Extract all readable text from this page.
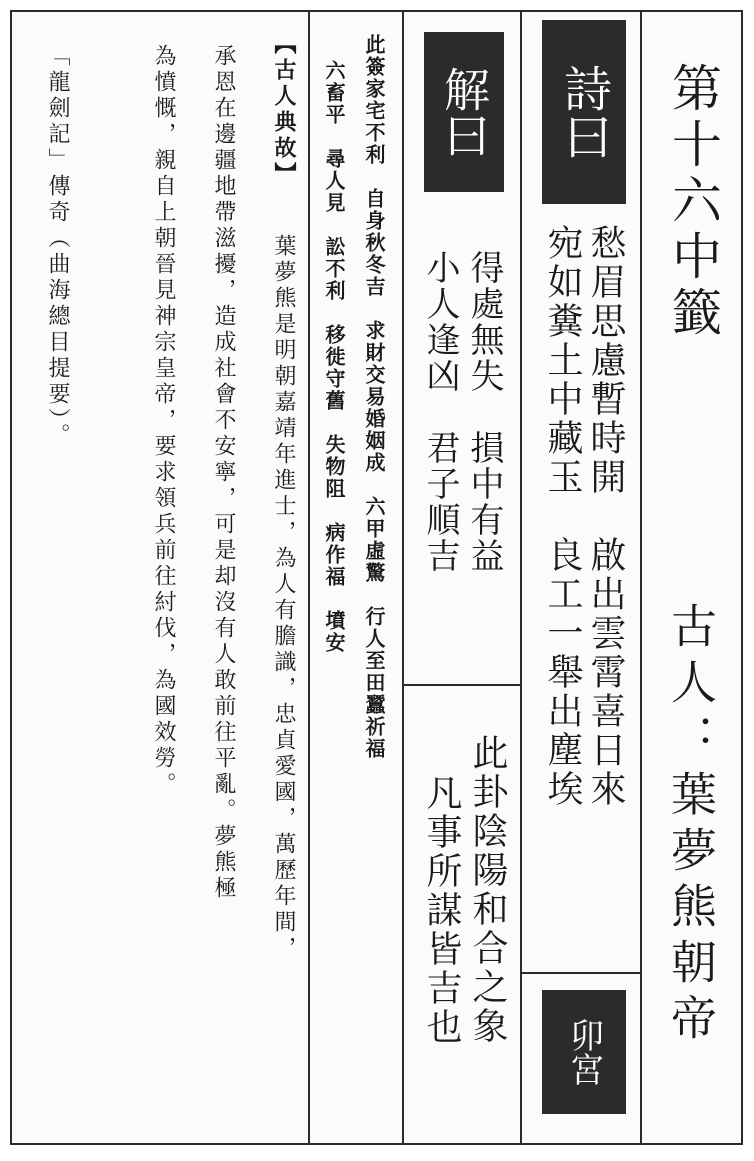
第十六中籤
古人：葉夢熊朝帝
詩曰
愁眉思慮暫時開　啟出雲霄喜日來
宛如糞土中藏玉　良工一舉出塵埃
卯宮
解曰
得處無失　損中有益
小人逢凶　君子順吉
此卦陰陽和合之象
凡事所謀皆吉也
此簽家宅不利　自身秋冬吉　求財交易婚姻成　六甲虛驚　行人至田蠶祈福
六畜平　尋人見　訟不利　移徙守舊　失物阻　病作福　墳安
【古人典故】
葉夢熊是明朝嘉靖年進士，為人有膽識，忠貞愛國，萬歷年間，
承恩在邊疆地帶滋擾，造成社會不安寧，可是却沒有人敢前往平亂。夢熊極
為憤慨，親自上朝晉見神宗皇帝，要求領兵前往紂伐，為國效勞。
「龍劍記」傳奇（曲海總目提要）。
